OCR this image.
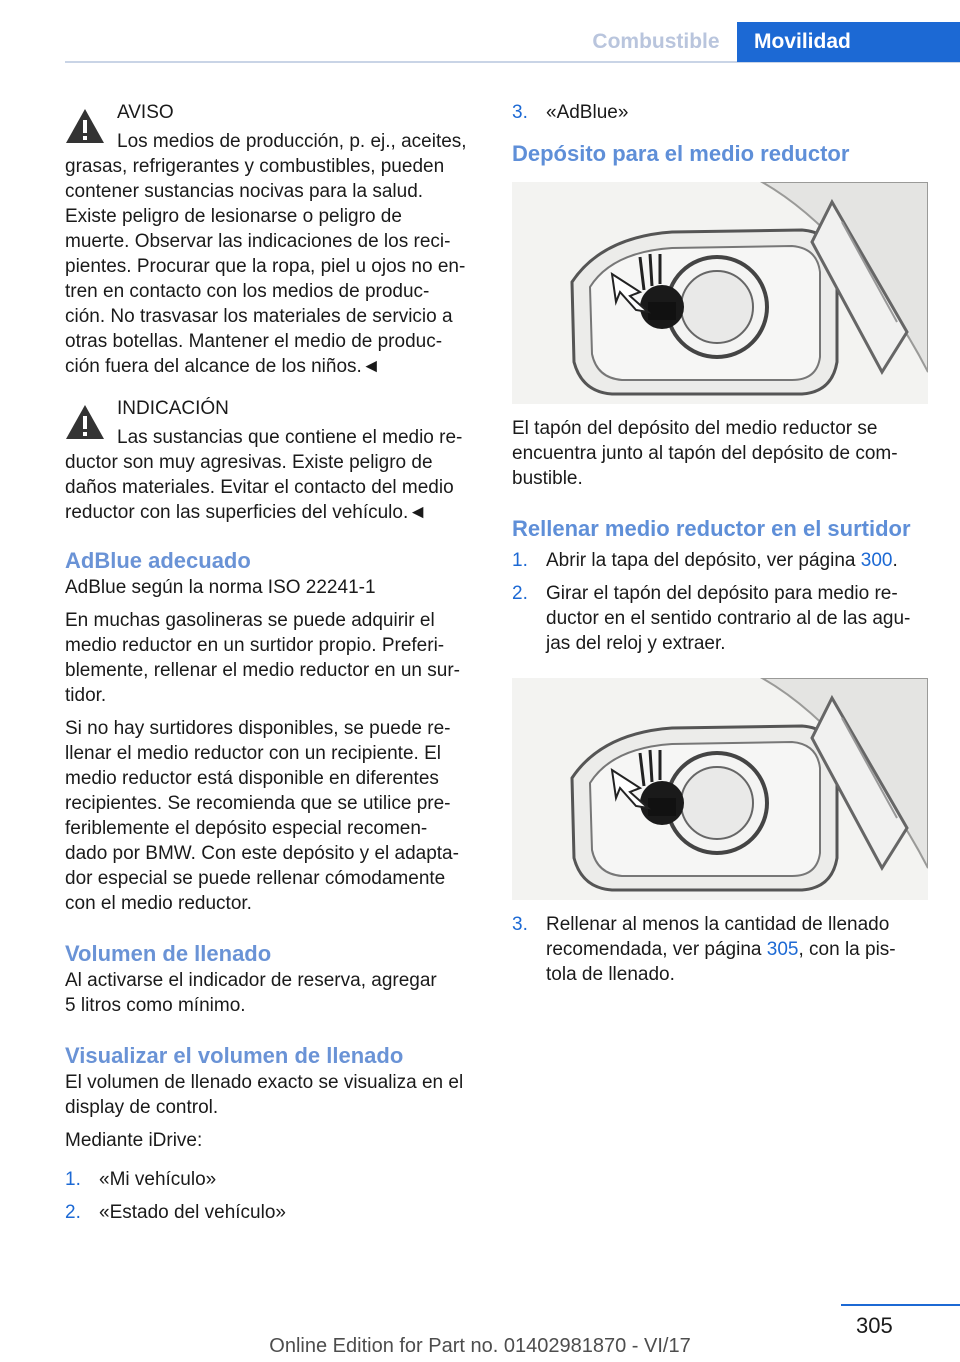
Combustible	Movilidad
AVISO

Los medios de producción, p. ej., aceites,

grasas, refrigerantes y combustibles, pueden

contener sustancias nocivas para la salud.

Existe peligro de lesionarse o peligro de

muerte. Observar las indicaciones de los reci‐

pientes. Procurar que la ropa, piel u ojos no en‐

tren en contacto con los medios de produc‐

ción. No trasvasar los materiales de servicio a

otras botellas. Mantener el medio de produc‐

ción fuera del alcance de los niños.◄

INDICACIÓN

Las sustancias que contiene el medio re‐

ductor son muy agresivas. Existe peligro de

daños materiales. Evitar el contacto del medio

reductor con las superficies del vehículo.◄

AdBlue adecuado

AdBlue según la norma ISO 22241-1

En muchas gasolineras se puede adquirir el

medio reductor en un surtidor propio. Preferi‐

blemente, rellenar el medio reductor en un sur‐

tidor.

Si no hay surtidores disponibles, se puede re‐

llenar el medio reductor con un recipiente. El

medio reductor está disponible en diferentes

recipientes. Se recomienda que se utilice pre‐

feriblemente el depósito especial recomen‐

dado por BMW. Con este depósito y el adapta‐

dor especial se puede rellenar cómodamente

con el medio reductor.

Volumen de llenado

Al activarse el indicador de reserva, agregar

5 litros como mínimo.

Visualizar el volumen de llenado

El volumen de llenado exacto se visualiza en el

display de control.

Mediante iDrive:

1. «Mi vehículo»
2. «Estado del vehículo»
3. «AdBlue»
Depósito para el medio reductor

El tapón del depósito del medio reductor se

encuentra junto al tapón del depósito de com‐

bustible.

Rellenar medio reductor en el surtidor
1. Abrir la tapa del depósito, ver página 300.
2. Girar el tapón del depósito para medio re‐
ductor en el sentido contrario al de las agu‐
jas del reloj y extraer.
3. Rellenar al menos la cantidad de llenado
recomendada, ver página 305, con la pis‐
tola de llenado.
305
Online Edition for Part no. 01402981870 - VI/17
